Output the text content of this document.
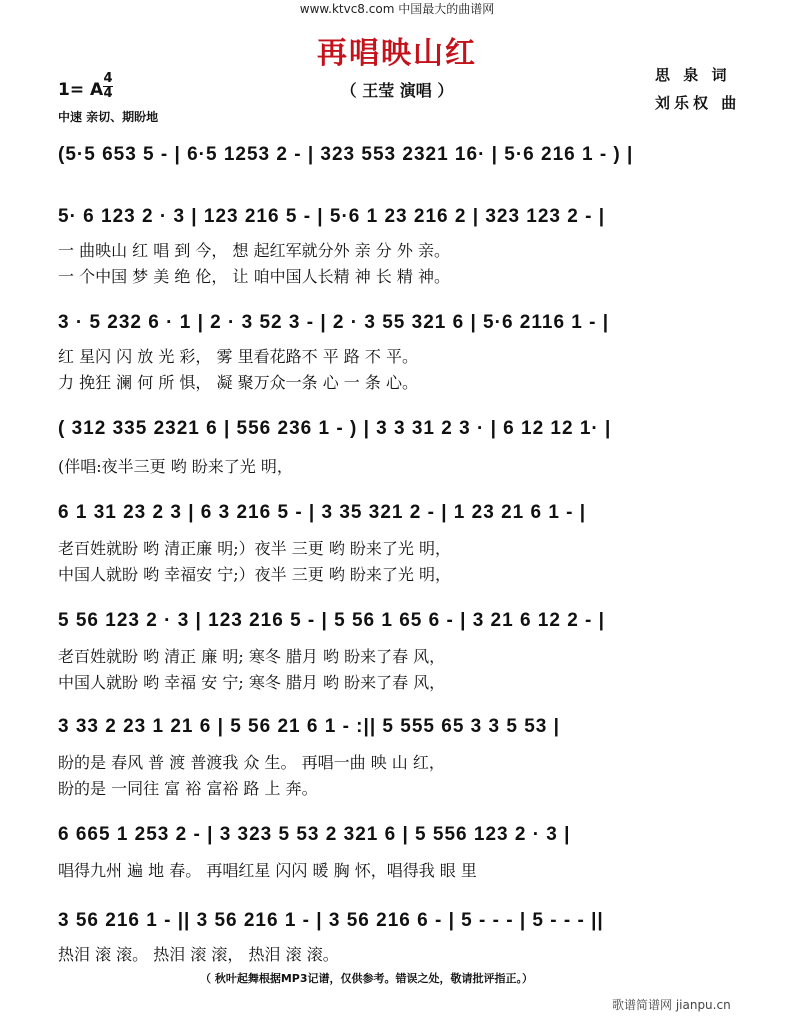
www.ktvc8.com 中国最大的曲谱网
再唱映山红
（ 王莹 演唱 ）
思 泉 词
刘乐权 曲
1= A
4
4
中速 亲切、期盼地
(5·5 653 5 - | 6·5 1253 2 - | 323 553 2321 16· | 5·6 216 1 - ) |
5· 6 123 2 · 3 | 123 216 5 - | 5·6 1 23 216 2 | 323 123 2 - |
一 曲映山 红 唱 到 今， 想 起红军就分外 亲 分 外 亲。
一 个中国 梦 美 绝 伦， 让 咱中国人长精 神 长 精 神。
3 · 5 232 6 · 1 | 2 · 3 52 3 - | 2 · 3 55 321 6 | 5·6 2116 1 - |
红 星闪 闪 放 光 彩， 雾 里看花路不 平 路 不 平。
力 挽狂 澜 何 所 惧， 凝 聚万众一条 心 一 条 心。
( 312 335 2321 6 | 556 236 1 - ) | 3 3 31 2 3 · | 6 12 12 1· |
(伴唱:夜半三更 哟 盼来了光 明，
6 1 31 23 2 3 | 6 3 216 5 - | 3 35 321 2 - | 1 23 21 6 1 - |
老百姓就盼 哟 清正廉 明;）夜半 三更 哟 盼来了光 明，
中国人就盼 哟 幸福安 宁;）夜半 三更 哟 盼来了光 明，
5 56 123 2 · 3 | 123 216 5 - | 5 56 1 65 6 - | 3 21 6 12 2 - |
老百姓就盼 哟 清正 廉 明; 寒冬 腊月 哟 盼来了春 风，
中国人就盼 哟 幸福 安 宁; 寒冬 腊月 哟 盼来了春 风，
3 33 2 23 1 21 6 | 5 56 21 6 1 - :|| 5 555 65 3 3 5 53 |
盼的是 春风 普 渡 普渡我 众 生。 再唱一曲 映 山 红，
盼的是 一同往 富 裕 富裕 路 上 奔。
6 665 1 253 2 - | 3 323 5 53 2 321 6 | 5 556 123 2 · 3 |
唱得九州 遍 地 春。 再唱红星 闪闪 暖 胸 怀，唱得我 眼 里
3 56 216 1 - || 3 56 216 1 - | 3 56 216 6 - | 5 - - - | 5 - - - ||
热泪 滚 滚。 热泪 滚 滚， 热泪 滚 滚。
（ 秋叶起舞根据MP3记谱，仅供参考。错误之处，敬请批评指正。）
歌谱简谱网 jianpu.cn
